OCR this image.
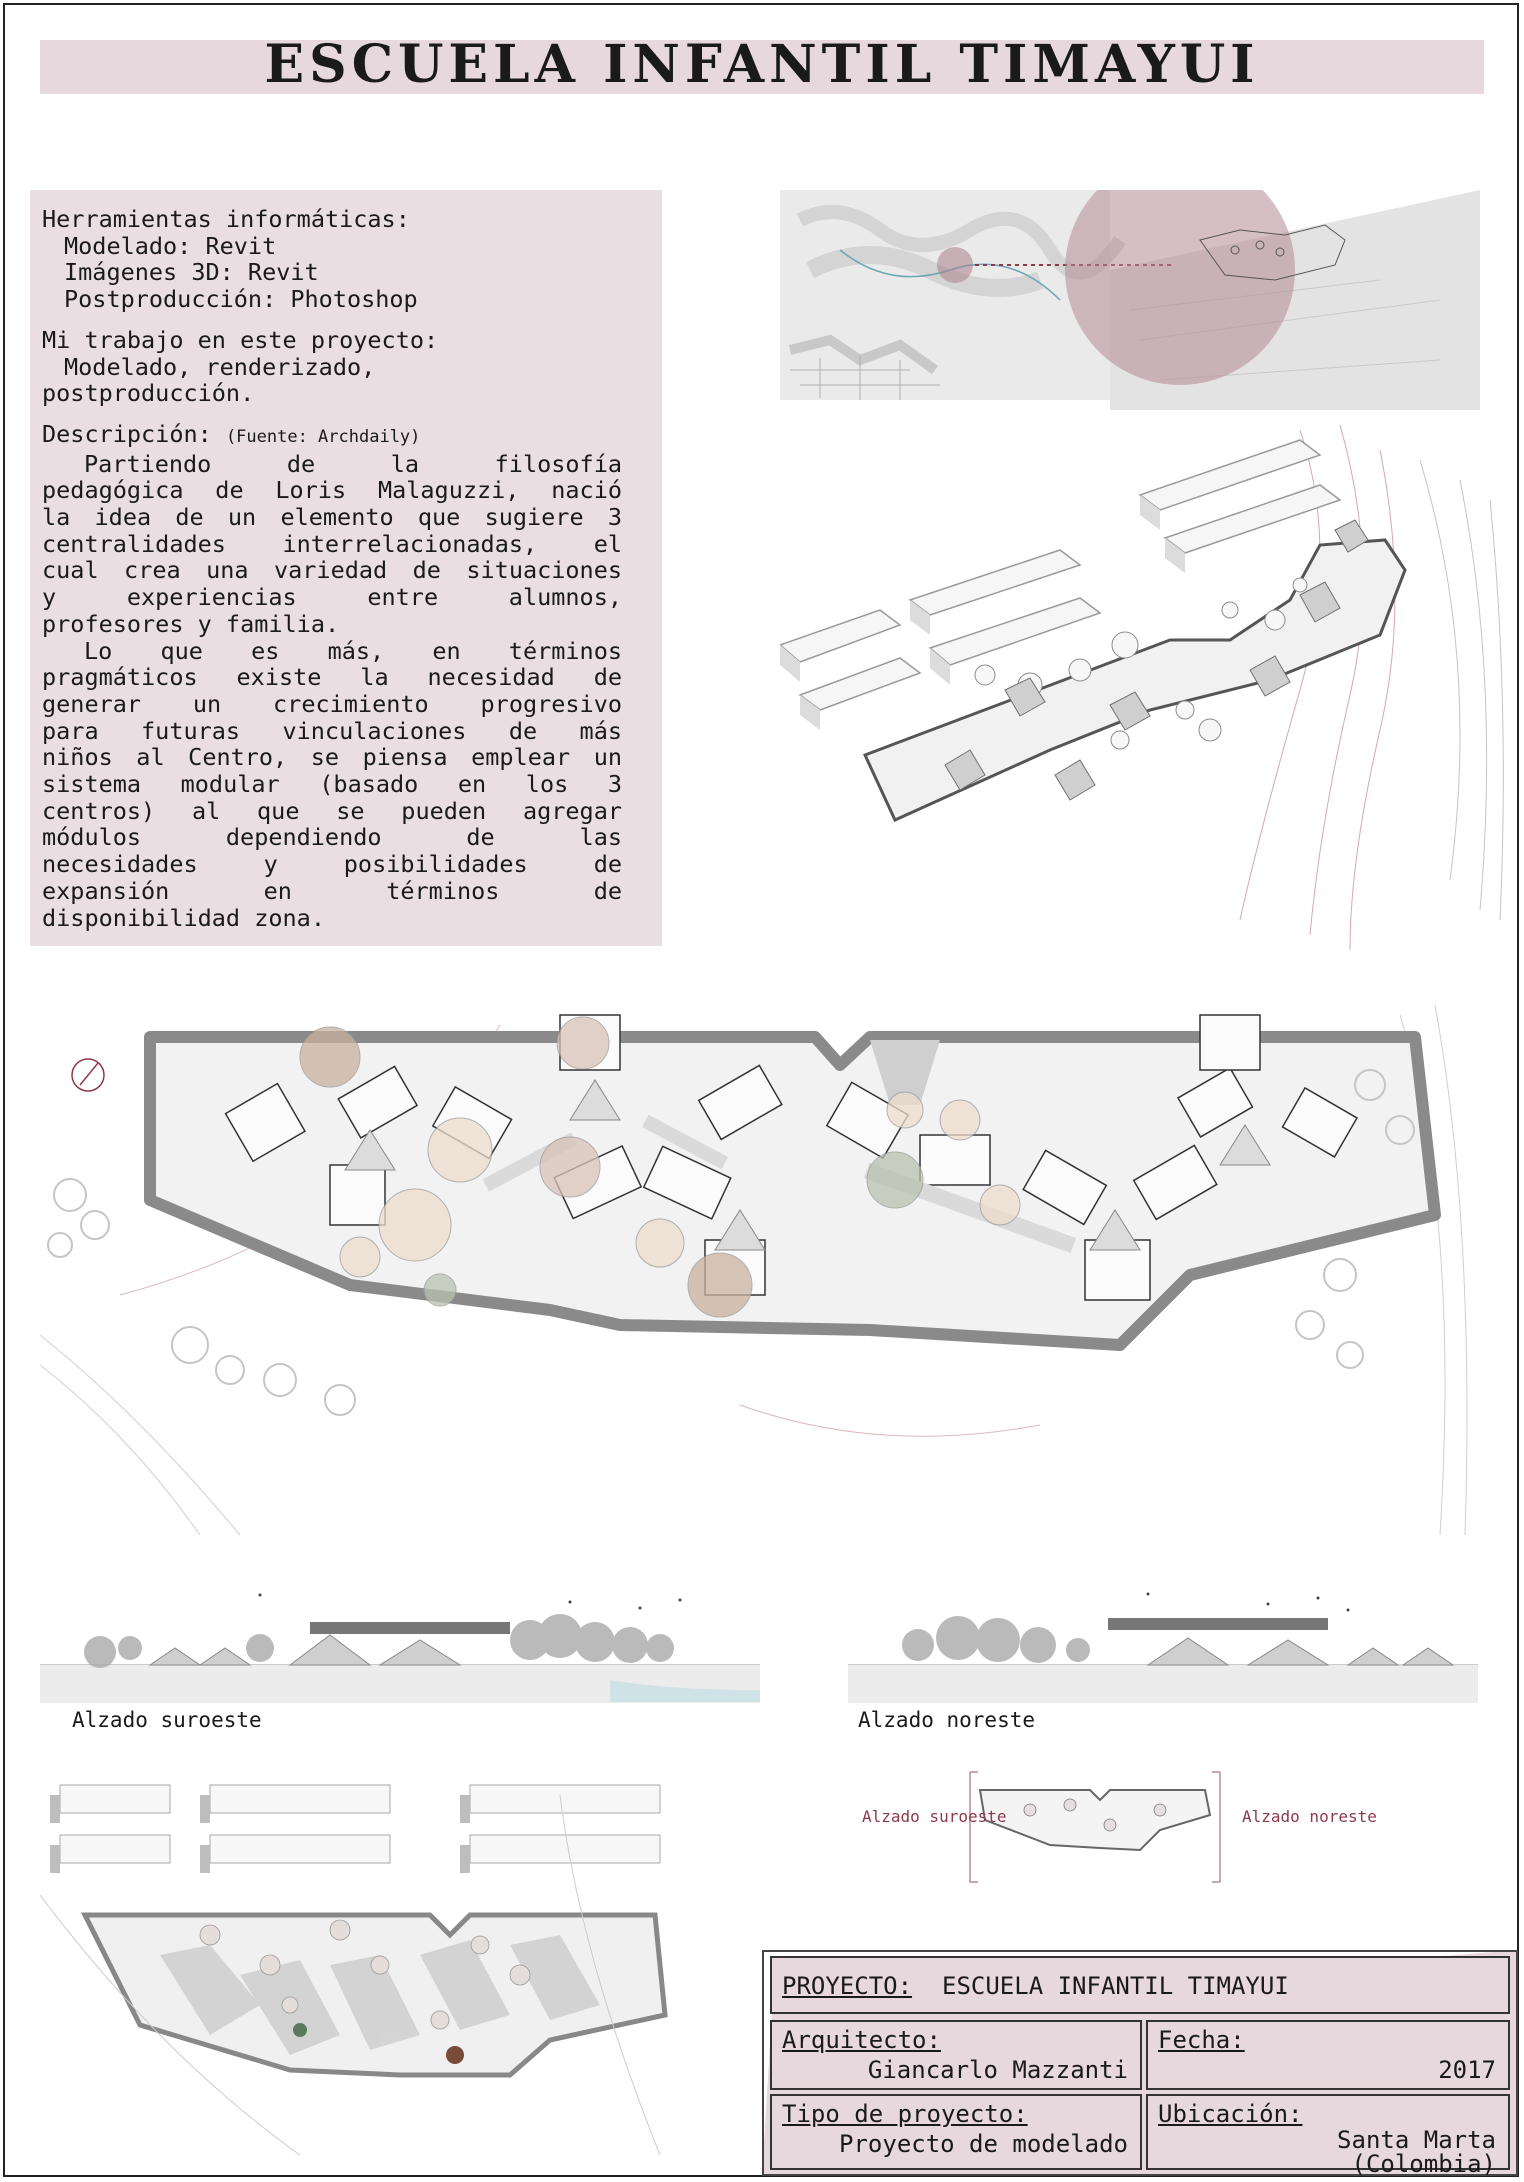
ESCUELA INFANTIL TIMAYUI

Herramientas informáticas:

Modelado: Revit

Imágenes 3D: Revit

Postproducción: Photoshop

Mi trabajo en este proyecto:

Modelado, renderizado,

postproducción.

Descripción: (Fuente: Archdaily)

Partiendo de la filosofía

pedagógica de Loris Malaguzzi, nació

la idea de un elemento que sugiere 3

centralidades interrelacionadas, el

cual crea una variedad de situaciones

y experiencias entre alumnos,

profesores y familia.

Lo que es más, en términos

pragmáticos existe la necesidad de

generar un crecimiento progresivo

para futuras vinculaciones de más

niños al Centro, se piensa emplear un

sistema modular (basado en los 3

centros) al que se pueden agregar

módulos dependiendo de las

necesidades y posibilidades de

expansión en términos de

disponibilidad zona.

Alzado suroeste	Alzado noreste
Alzado suroeste	Alzado noreste
PROYECTO: ESCUELA INFANTIL TIMAYUI
Arquitecto:
Giancarlo Mazzanti
Fecha:
2017
Tipo de proyecto:
Proyecto de modelado
Ubicación:
Santa Marta
(Colombia)
